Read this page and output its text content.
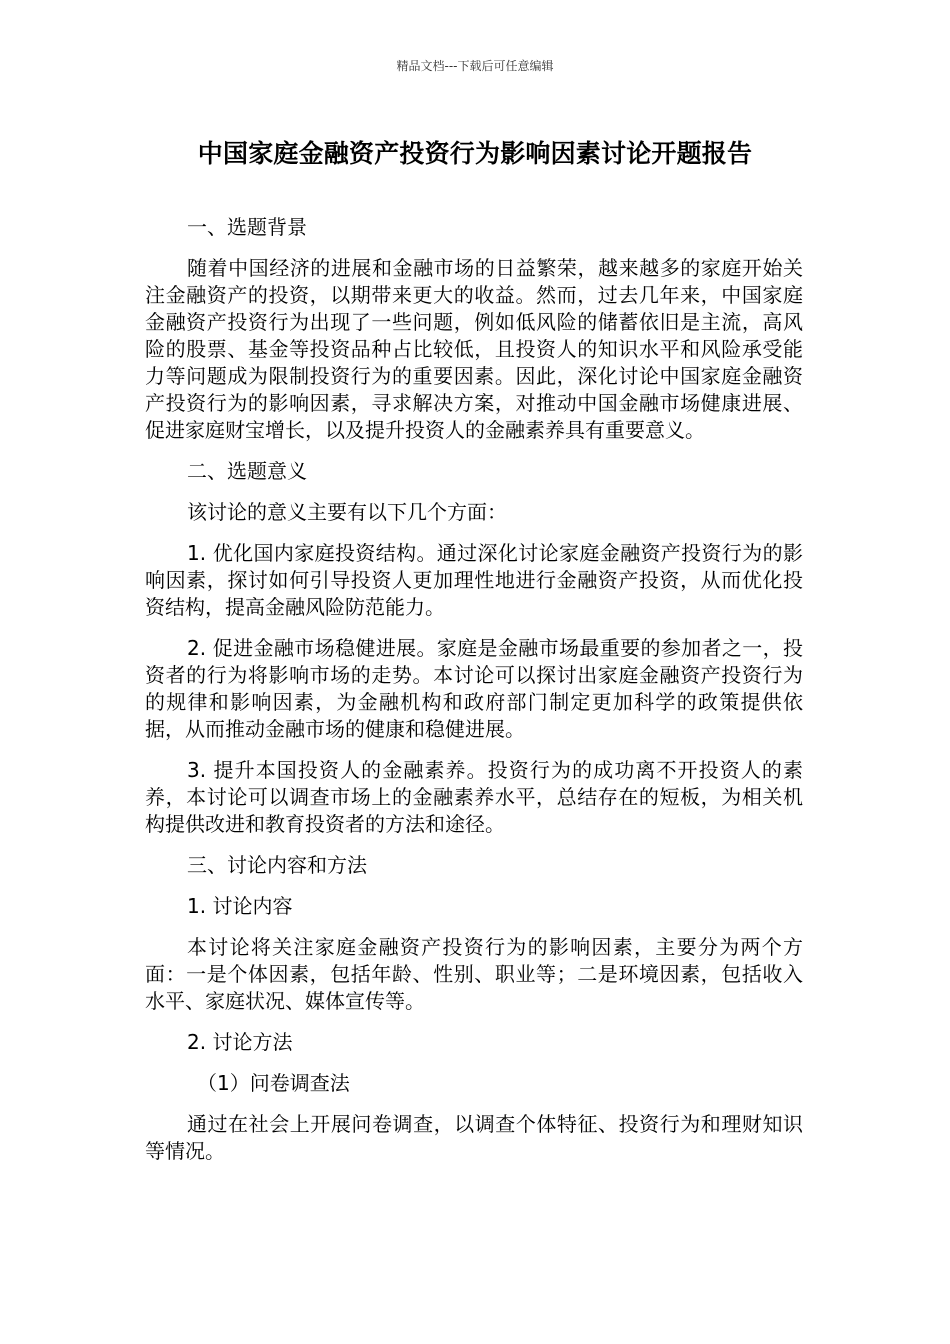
精品文档---下载后可任意编辑
中国家庭金融资产投资行为影响因素讨论开题报告

一、选题背景

随着中国经济的进展和金融市场的日益繁荣，越来越多的家庭开始关注金融资产的投资，以期带来更大的收益。然而，过去几年来，中国家庭金融资产投资行为出现了一些问题，例如低风险的储蓄依旧是主流，高风险的股票、基金等投资品种占比较低，且投资人的知识水平和风险承受能力等问题成为限制投资行为的重要因素。因此，深化讨论中国家庭金融资产投资行为的影响因素，寻求解决方案，对推动中国金融市场健康进展、促进家庭财宝增长，以及提升投资人的金融素养具有重要意义。

二、选题意义

该讨论的意义主要有以下几个方面：

1. 优化国内家庭投资结构。通过深化讨论家庭金融资产投资行为的影响因素，探讨如何引导投资人更加理性地进行金融资产投资，从而优化投资结构，提高金融风险防范能力。

2. 促进金融市场稳健进展。家庭是金融市场最重要的参加者之一，投资者的行为将影响市场的走势。本讨论可以探讨出家庭金融资产投资行为的规律和影响因素，为金融机构和政府部门制定更加科学的政策提供依据，从而推动金融市场的健康和稳健进展。

3. 提升本国投资人的金融素养。投资行为的成功离不开投资人的素养，本讨论可以调查市场上的金融素养水平，总结存在的短板，为相关机构提供改进和教育投资者的方法和途径。

三、讨论内容和方法

1. 讨论内容

本讨论将关注家庭金融资产投资行为的影响因素，主要分为两个方面：一是个体因素，包括年龄、性别、职业等；二是环境因素，包括收入水平、家庭状况、媒体宣传等。

2. 讨论方法

（1）问卷调查法

通过在社会上开展问卷调查，以调查个体特征、投资行为和理财知识等情况。
